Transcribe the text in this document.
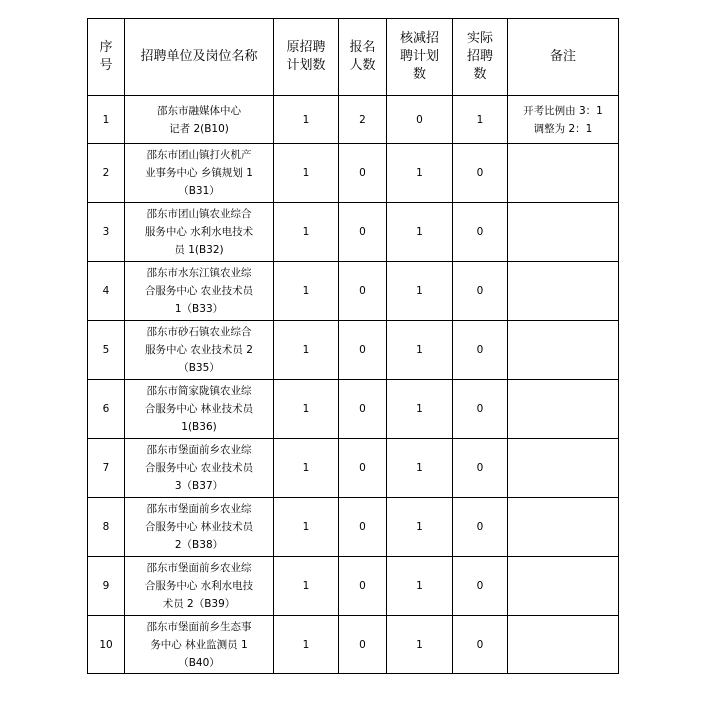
序
号	招聘单位及岗位名称	原招聘
计划数	报名
人数	核减招
聘计划
数	实际
招聘
数	备注
1	邵东市融媒体中心
记者 2(B10)	1	2	0	1	开考比例由 3：1
调整为 2：1
2	邵东市团山镇打火机产
业事务中心 乡镇规划 1
（B31）	1	0	1	0	
3	邵东市团山镇农业综合
服务中心 水利水电技术
员 1(B32)	1	0	1	0	
4	邵东市水东江镇农业综
合服务中心 农业技术员
1（B33）	1	0	1	0	
5	邵东市砂石镇农业综合
服务中心 农业技术员 2
（B35）	1	0	1	0	
6	邵东市简家陇镇农业综
合服务中心 林业技术员
1(B36)	1	0	1	0	
7	邵东市堡面前乡农业综
合服务中心 农业技术员
3（B37）	1	0	1	0	
8	邵东市堡面前乡农业综
合服务中心 林业技术员
2（B38）	1	0	1	0	
9	邵东市堡面前乡农业综
合服务中心 水利水电技
术员 2（B39）	1	0	1	0	
10	邵东市堡面前乡生态事
务中心 林业监测员 1
（B40）	1	0	1	0	
